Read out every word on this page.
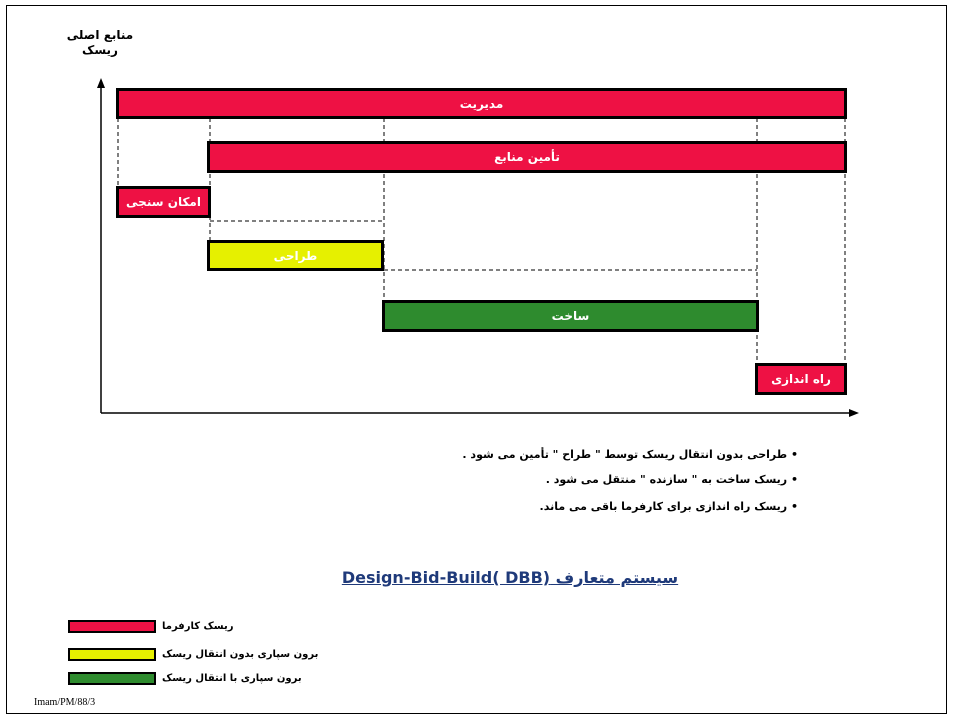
منابع اصلی
ریسک
مدیریت
تأمین منابع
امکان سنجی
طراحی
ساخت
راه اندازی
• طراحی بدون انتقال ریسک توسط " طراح " تأمین می شود .
• ریسک ساخت به " سازنده " منتقل می شود .
• ریسک راه اندازی برای کارفرما باقی می ماند.
سیستم متعارف Design-Bid-Build( DBB)
ریسک کارفرما
برون سپاری بدون انتقال ریسک
برون سپاری با انتقال ریسک
Imam/PM/88/3
